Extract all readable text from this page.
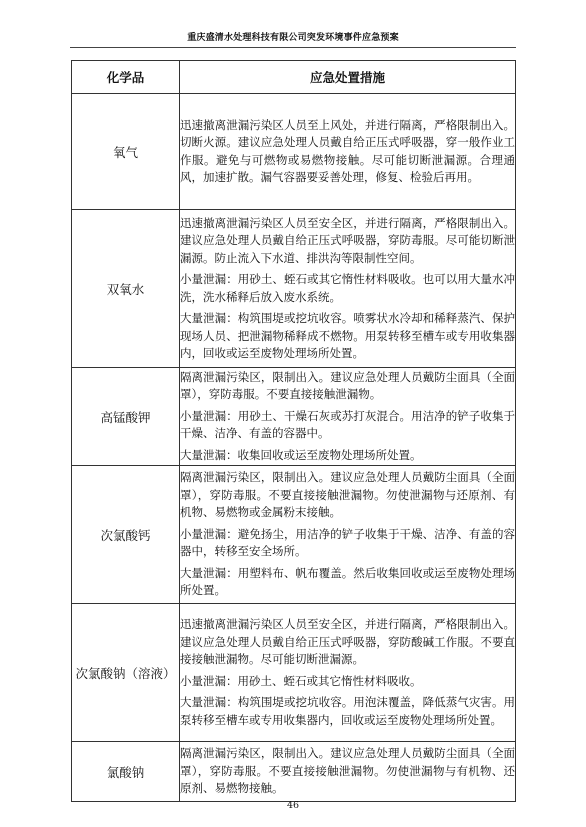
重庆盛清水处理科技有限公司突发环境事件应急预案
化学品	应急处置措施
氧气	迅速撤离泄漏污染区人员至上风处，并进行隔离，严格限制出入。切断火源。建议应急处理人员戴自给正压式呼吸器，穿一般作业工作服。避免与可燃物或易燃物接触。尽可能切断泄漏源。合理通风，加速扩散。漏气容器要妥善处理，修复、检验后再用。

双氧水	迅速撤离泄漏污染区人员至安全区，并进行隔离，严格限制出入。建议应急处理人员戴自给正压式呼吸器，穿防毒服。尽可能切断泄漏源。防止流入下水道、排洪沟等限制性空间。

小量泄漏：用砂土、蛭石或其它惰性材料吸收。也可以用大量水冲洗，洗水稀释后放入废水系统。

大量泄漏：构筑围堤或挖坑收容。喷雾状水冷却和稀释蒸汽、保护现场人员、把泄漏物稀释成不燃物。用泵转移至槽车或专用收集器内，回收或运至废物处理场所处置。

高锰酸钾	隔离泄漏污染区，限制出入。建议应急处理人员戴防尘面具（全面罩），穿防毒服。不要直接接触泄漏物。

小量泄漏：用砂土、干燥石灰或苏打灰混合。用洁净的铲子收集于干燥、洁净、有盖的容器中。

大量泄漏：收集回收或运至废物处理场所处置。

次氯酸钙	隔离泄漏污染区，限制出入。建议应急处理人员戴防尘面具（全面罩），穿防毒服。不要直接接触泄漏物。勿使泄漏物与还原剂、有机物、易燃物或金属粉末接触。

小量泄漏：避免扬尘，用洁净的铲子收集于干燥、洁净、有盖的容器中，转移至安全场所。

大量泄漏：用塑料布、帆布覆盖。然后收集回收或运至废物处理场所处置。

次氯酸钠（溶液）	迅速撤离泄漏污染区人员至安全区，并进行隔离，严格限制出入。建议应急处理人员戴自给正压式呼吸器，穿防酸碱工作服。不要直接接触泄漏物。尽可能切断泄漏源。

小量泄漏：用砂土、蛭石或其它惰性材料吸收。

大量泄漏：构筑围堤或挖坑收容。用泡沫覆盖，降低蒸气灾害。用泵转移至槽车或专用收集器内，回收或运至废物处理场所处置。

氯酸钠	隔离泄漏污染区，限制出入。建议应急处理人员戴防尘面具（全面罩），穿防毒服。不要直接接触泄漏物。勿使泄漏物与有机物、还原剂、易燃物接触。

46
